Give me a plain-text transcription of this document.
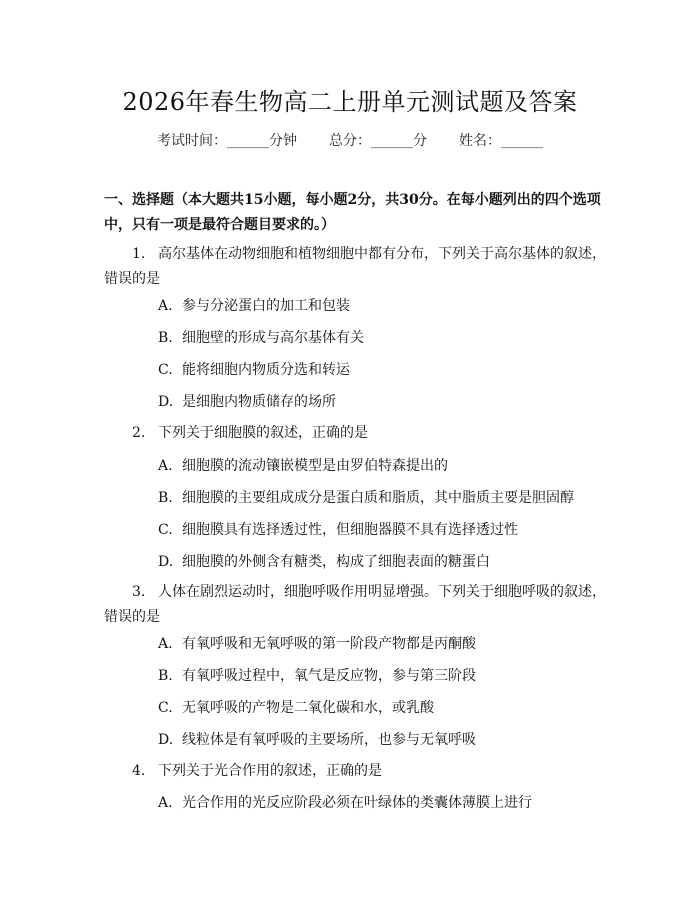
2026年春生物高二上册单元测试题及答案
考试时间：______分钟 总分：______分 姓名：______
一、选择题（本大题共15小题，每小题2分，共30分。在每小题列出的四个选项中，只有一项是最符合题目要求的。）
1. 高尔基体在动物细胞和植物细胞中都有分布，下列关于高尔基体的叙述，错误的是
A. 参与分泌蛋白的加工和包装
B. 细胞壁的形成与高尔基体有关
C. 能将细胞内物质分选和转运
D. 是细胞内物质储存的场所
2. 下列关于细胞膜的叙述，正确的是
A. 细胞膜的流动镶嵌模型是由罗伯特森提出的
B. 细胞膜的主要组成成分是蛋白质和脂质，其中脂质主要是胆固醇
C. 细胞膜具有选择透过性，但细胞器膜不具有选择透过性
D. 细胞膜的外侧含有糖类，构成了细胞表面的糖蛋白
3. 人体在剧烈运动时，细胞呼吸作用明显增强。下列关于细胞呼吸的叙述，错误的是
A. 有氧呼吸和无氧呼吸的第一阶段产物都是丙酮酸
B. 有氧呼吸过程中，氧气是反应物，参与第三阶段
C. 无氧呼吸的产物是二氧化碳和水，或乳酸
D. 线粒体是有氧呼吸的主要场所，也参与无氧呼吸
4. 下列关于光合作用的叙述，正确的是
A. 光合作用的光反应阶段必须在叶绿体的类囊体薄膜上进行
